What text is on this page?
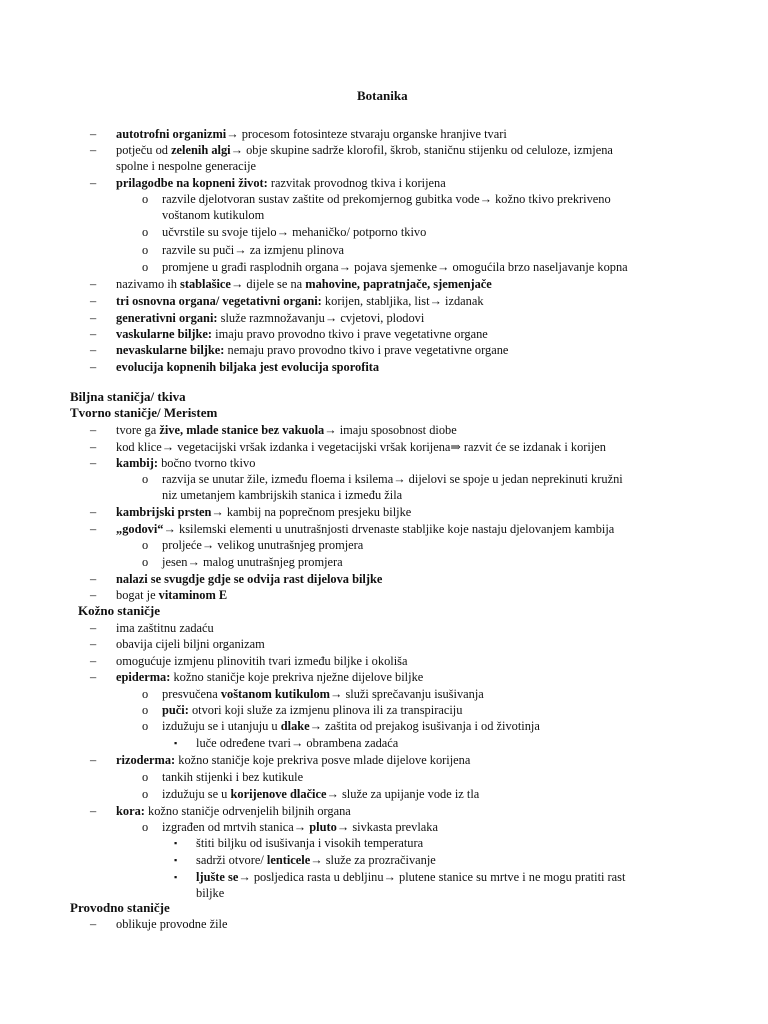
Botanika
– autotrofni organizmi→ procesom fotosinteze stvaraju organske hranjive tvari
– potječu od zelenih algi→ obje skupine sadrže klorofil, škrob, staničnu stijenku od celuloze, izmjena
spolne i nespolne generacije
– prilagodbe na kopneni život: razvitak provodnog tkiva i korijena
o razvile djelotvoran sustav zaštite od prekomjernog gubitka vode→ kožno tkivo prekriveno
voštanom kutikulom
o učvrstile su svoje tijelo→ mehaničko/ potporno tkivo
o razvile su puči→ za izmjenu plinova
o promjene u građi rasplodnih organa→ pojava sjemenke→ omogućila brzo naseljavanje kopna
– nazivamo ih stablašice→ dijele se na mahovine, papratnjače, sjemenjače
– tri osnovna organa/ vegetativni organi: korijen, stabljika, list→ izdanak
– generativni organi: služe razmnožavanju→ cvjetovi, plodovi
– vaskularne biljke: imaju pravo provodno tkivo i prave vegetativne organe
– nevaskularne biljke: nemaju pravo provodno tkivo i prave vegetativne organe
– evolucija kopnenih biljaka jest evolucija sporofita
Biljna staničja/ tkiva
Tvorno staničje/ Meristem
– tvore ga žive, mlade stanice bez vakuola→ imaju sposobnost diobe
– kod klice→ vegetacijski vršak izdanka i vegetacijski vršak korijena⇒ razvit će se izdanak i korijen
– kambij: bočno tvorno tkivo
o razvija se unutar žile, između floema i ksilema→ dijelovi se spoje u jedan neprekinuti kružni
niz umetanjem kambrijskih stanica i između žila
– kambrijski prsten→ kambij na poprečnom presjeku biljke
– „godovi“→ ksilemski elementi u unutrašnjosti drvenaste stabljike koje nastaju djelovanjem kambija
o proljeće→ velikog unutrašnjeg promjera
o jesen→ malog unutrašnjeg promjera
– nalazi se svugdje gdje se odvija rast dijelova biljke
– bogat je vitaminom E
Kožno staničje
– ima zaštitnu zadaću
– obavija cijeli biljni organizam
– omogućuje izmjenu plinovitih tvari između biljke i okoliša
– epiderma: kožno staničje koje prekriva nježne dijelove biljke
o presvučena voštanom kutikulom→ služi sprečavanju isušivanja
o puči: otvori koji služe za izmjenu plinova ili za transpiraciju
o izdužuju se i utanjuju u dlake→ zaštita od prejakog isušivanja i od životinja
▪ luče određene tvari→ obrambena zadaća
– rizoderma: kožno staničje koje prekriva posve mlade dijelove korijena
o tankih stijenki i bez kutikule
o izdužuju se u korijenove dlačice→ služe za upijanje vode iz tla
– kora: kožno staničje odrvenjelih biljnih organa
o izgrađen od mrtvih stanica→ pluto→ sivkasta prevlaka
▪ štiti biljku od isušivanja i visokih temperatura
▪ sadrži otvore/ lenticele→ služe za prozračivanje
▪ ljušte se→ posljedica rasta u debljinu→ plutene stanice su mrtve i ne mogu pratiti rast
biljke
Provodno staničje
– oblikuje provodne žile
